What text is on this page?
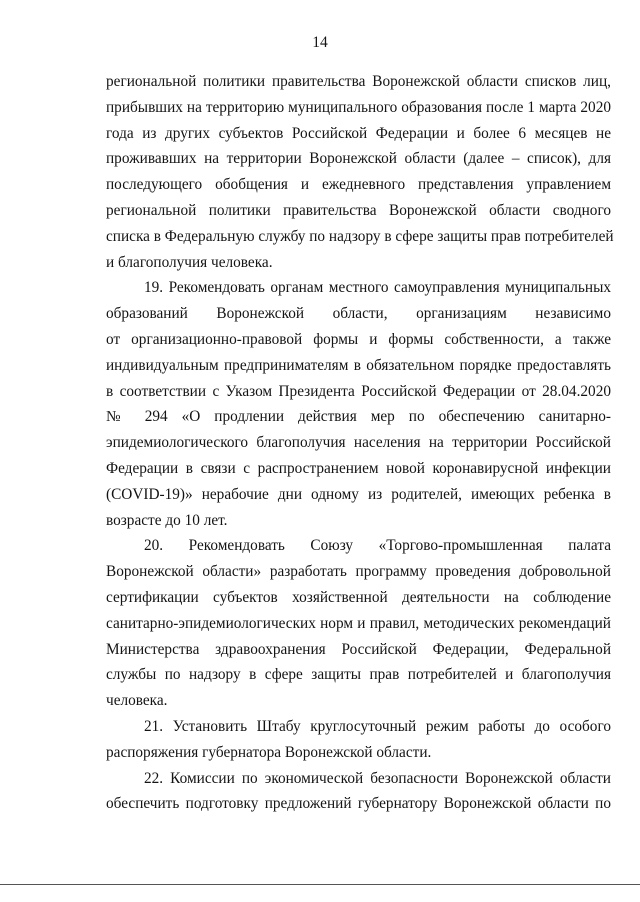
14
региональной политики правительства Воронежской области списков лиц,
прибывших на территорию муниципального образования после 1 марта 2020
года из других субъектов Российской Федерации и более 6 месяцев не
проживавших на территории Воронежской области (далее – список), для
последующего обобщения и ежедневного представления управлением
региональной политики правительства Воронежской области сводного
списка в Федеральную службу по надзору в сфере защиты прав потребителей
и благополучия человека.
19. Рекомендовать органам местного самоуправления муниципальных
образований Воронежской области, организациям независимо
от организационно-правовой формы и формы собственности, а также
индивидуальным предпринимателям в обязательном порядке предоставлять
в соответствии с Указом Президента Российской Федерации от 28.04.2020
№ 294 «О продлении действия мер по обеспечению санитарно-
эпидемиологического благополучия населения на территории Российской
Федерации в связи с распространением новой коронавирусной инфекции
(COVID-19)» нерабочие дни одному из родителей, имеющих ребенка в
возрасте до 10 лет.
20. Рекомендовать Союзу «Торгово-промышленная палата
Воронежской области» разработать программу проведения добровольной
сертификации субъектов хозяйственной деятельности на соблюдение
санитарно-эпидемиологических норм и правил, методических рекомендаций
Министерства здравоохранения Российской Федерации, Федеральной
службы по надзору в сфере защиты прав потребителей и благополучия
человека.
21. Установить Штабу круглосуточный режим работы до особого
распоряжения губернатора Воронежской области.
22. Комиссии по экономической безопасности Воронежской области
обеспечить подготовку предложений губернатору Воронежской области по
